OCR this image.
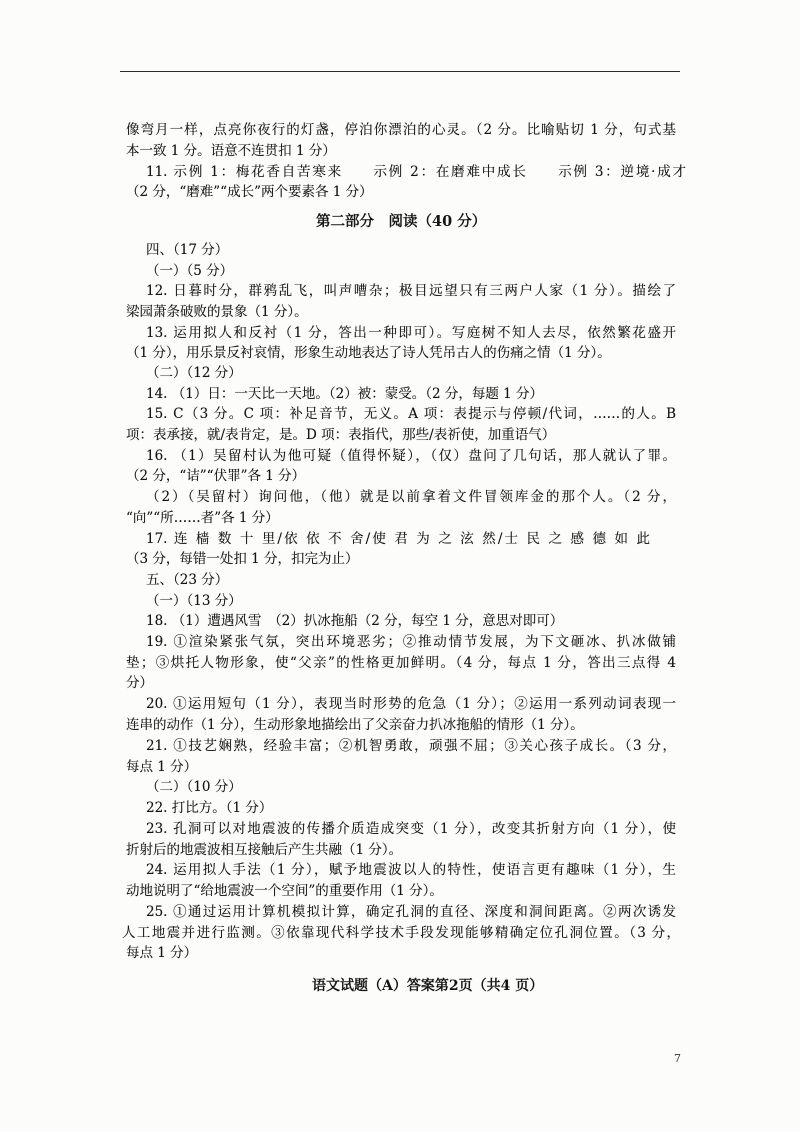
像弯月一样，点亮你夜行的灯盏，停泊你漂泊的心灵。（2 分。比喻贴切 1 分，句式基
本一致 1 分。语意不连贯扣 1 分）
11. 示例 1：梅花香自苦寒来　　示例 2：在磨难中成长　　示例 3：逆境·成才
（2 分，“磨难”“成长”两个要素各 1 分）
第二部分　阅读（40 分）
四、（17 分）
（一）（5 分）
12. 日暮时分，群鸦乱飞，叫声嘈杂；极目远望只有三两户人家（1 分）。描绘了
梁园萧条破败的景象（1 分）。
13. 运用拟人和反衬（1 分，答出一种即可）。写庭树不知人去尽，依然繁花盛开
（1 分），用乐景反衬哀情，形象生动地表达了诗人凭吊古人的伤痛之情（1 分）。
（二）（12 分）
14. （1）日：一天比一天地。（2）被：蒙受。（2 分，每题 1 分）
15. C（3 分。C 项：补足音节，无义。A 项：表提示与停顿/代词，……的人。B
项：表承接，就/表肯定，是。D 项：表指代，那些/表祈使，加重语气）
16. （1）吴留村认为他可疑（值得怀疑），（仅）盘问了几句话，那人就认了罪。
（2 分，“诘”“伏罪”各 1 分）
（2）（吴留村）询问他，（他）就是以前拿着文件冒领库金的那个人。（2 分，
“向”“所……者”各 1 分）
17. 连 樯 数 十 里/依 依 不 舍/使 君 为 之 泫 然/士 民 之 感 德 如 此
（3 分，每错一处扣 1 分，扣完为止）
五、（23 分）
（一）（13 分）
18. （1）遭遇风雪　（2）扒冰拖船（2 分，每空 1 分，意思对即可）
19. ①渲染紧张气氛，突出环境恶劣；②推动情节发展，为下文砸冰、扒冰做铺
垫；③烘托人物形象，使“父亲”的性格更加鲜明。（4 分，每点 1 分，答出三点得 4
分）
20. ①运用短句（1 分），表现当时形势的危急（1 分）；②运用一系列动词表现一
连串的动作（1 分），生动形象地描绘出了父亲奋力扒冰拖船的情形（1 分）。
21. ①技艺娴熟，经验丰富；②机智勇敢，顽强不屈；③关心孩子成长。（3 分，
每点 1 分）
（二）（10 分）
22. 打比方。（1 分）
23. 孔洞可以对地震波的传播介质造成突变（1 分），改变其折射方向（1 分），使
折射后的地震波相互接触后产生共融（1 分）。
24. 运用拟人手法（1 分），赋予地震波以人的特性，使语言更有趣味（1 分），生
动地说明了“给地震波一个空间”的重要作用（1 分）。
25. ①通过运用计算机模拟计算，确定孔洞的直径、深度和洞间距离。②两次诱发
人工地震并进行监测。③依靠现代科学技术手段发现能够精确定位孔洞位置。（3 分，
每点 1 分）
语文试题（A）答案第2页（共4 页）
7
